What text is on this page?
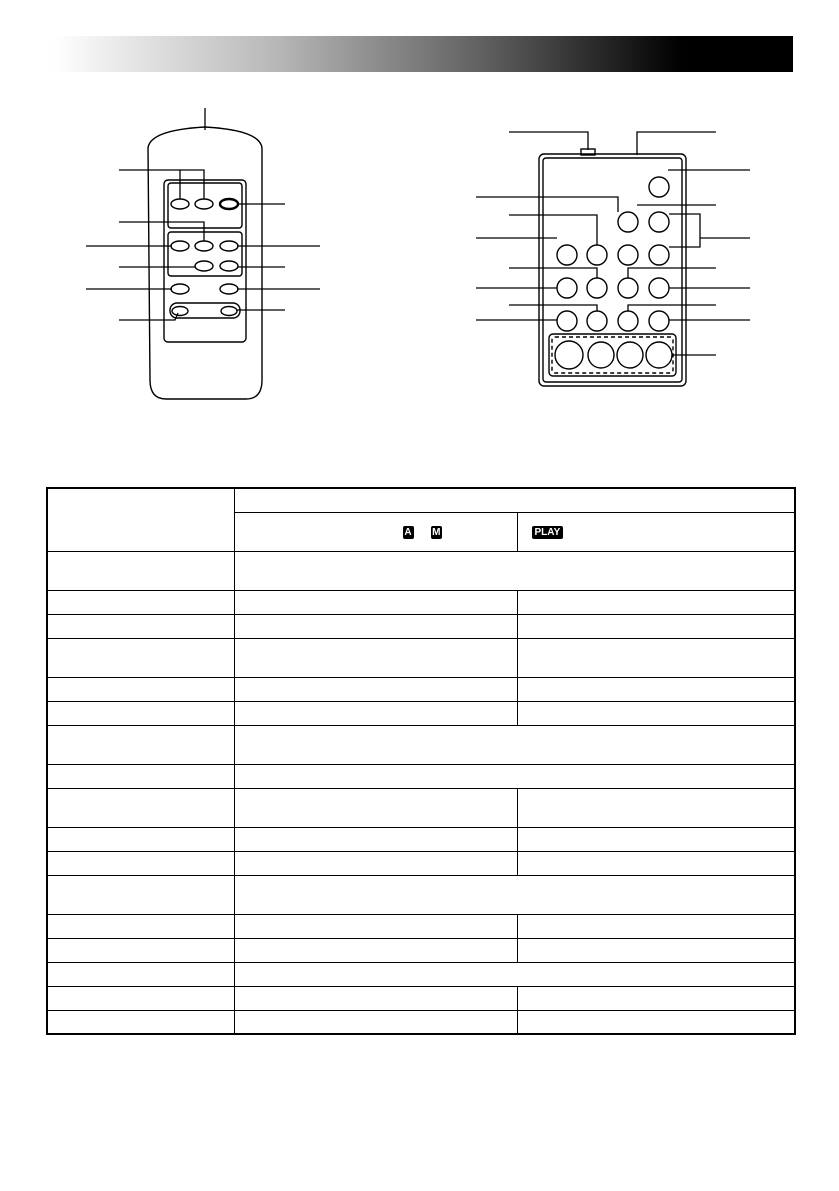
	A M	PLAY
